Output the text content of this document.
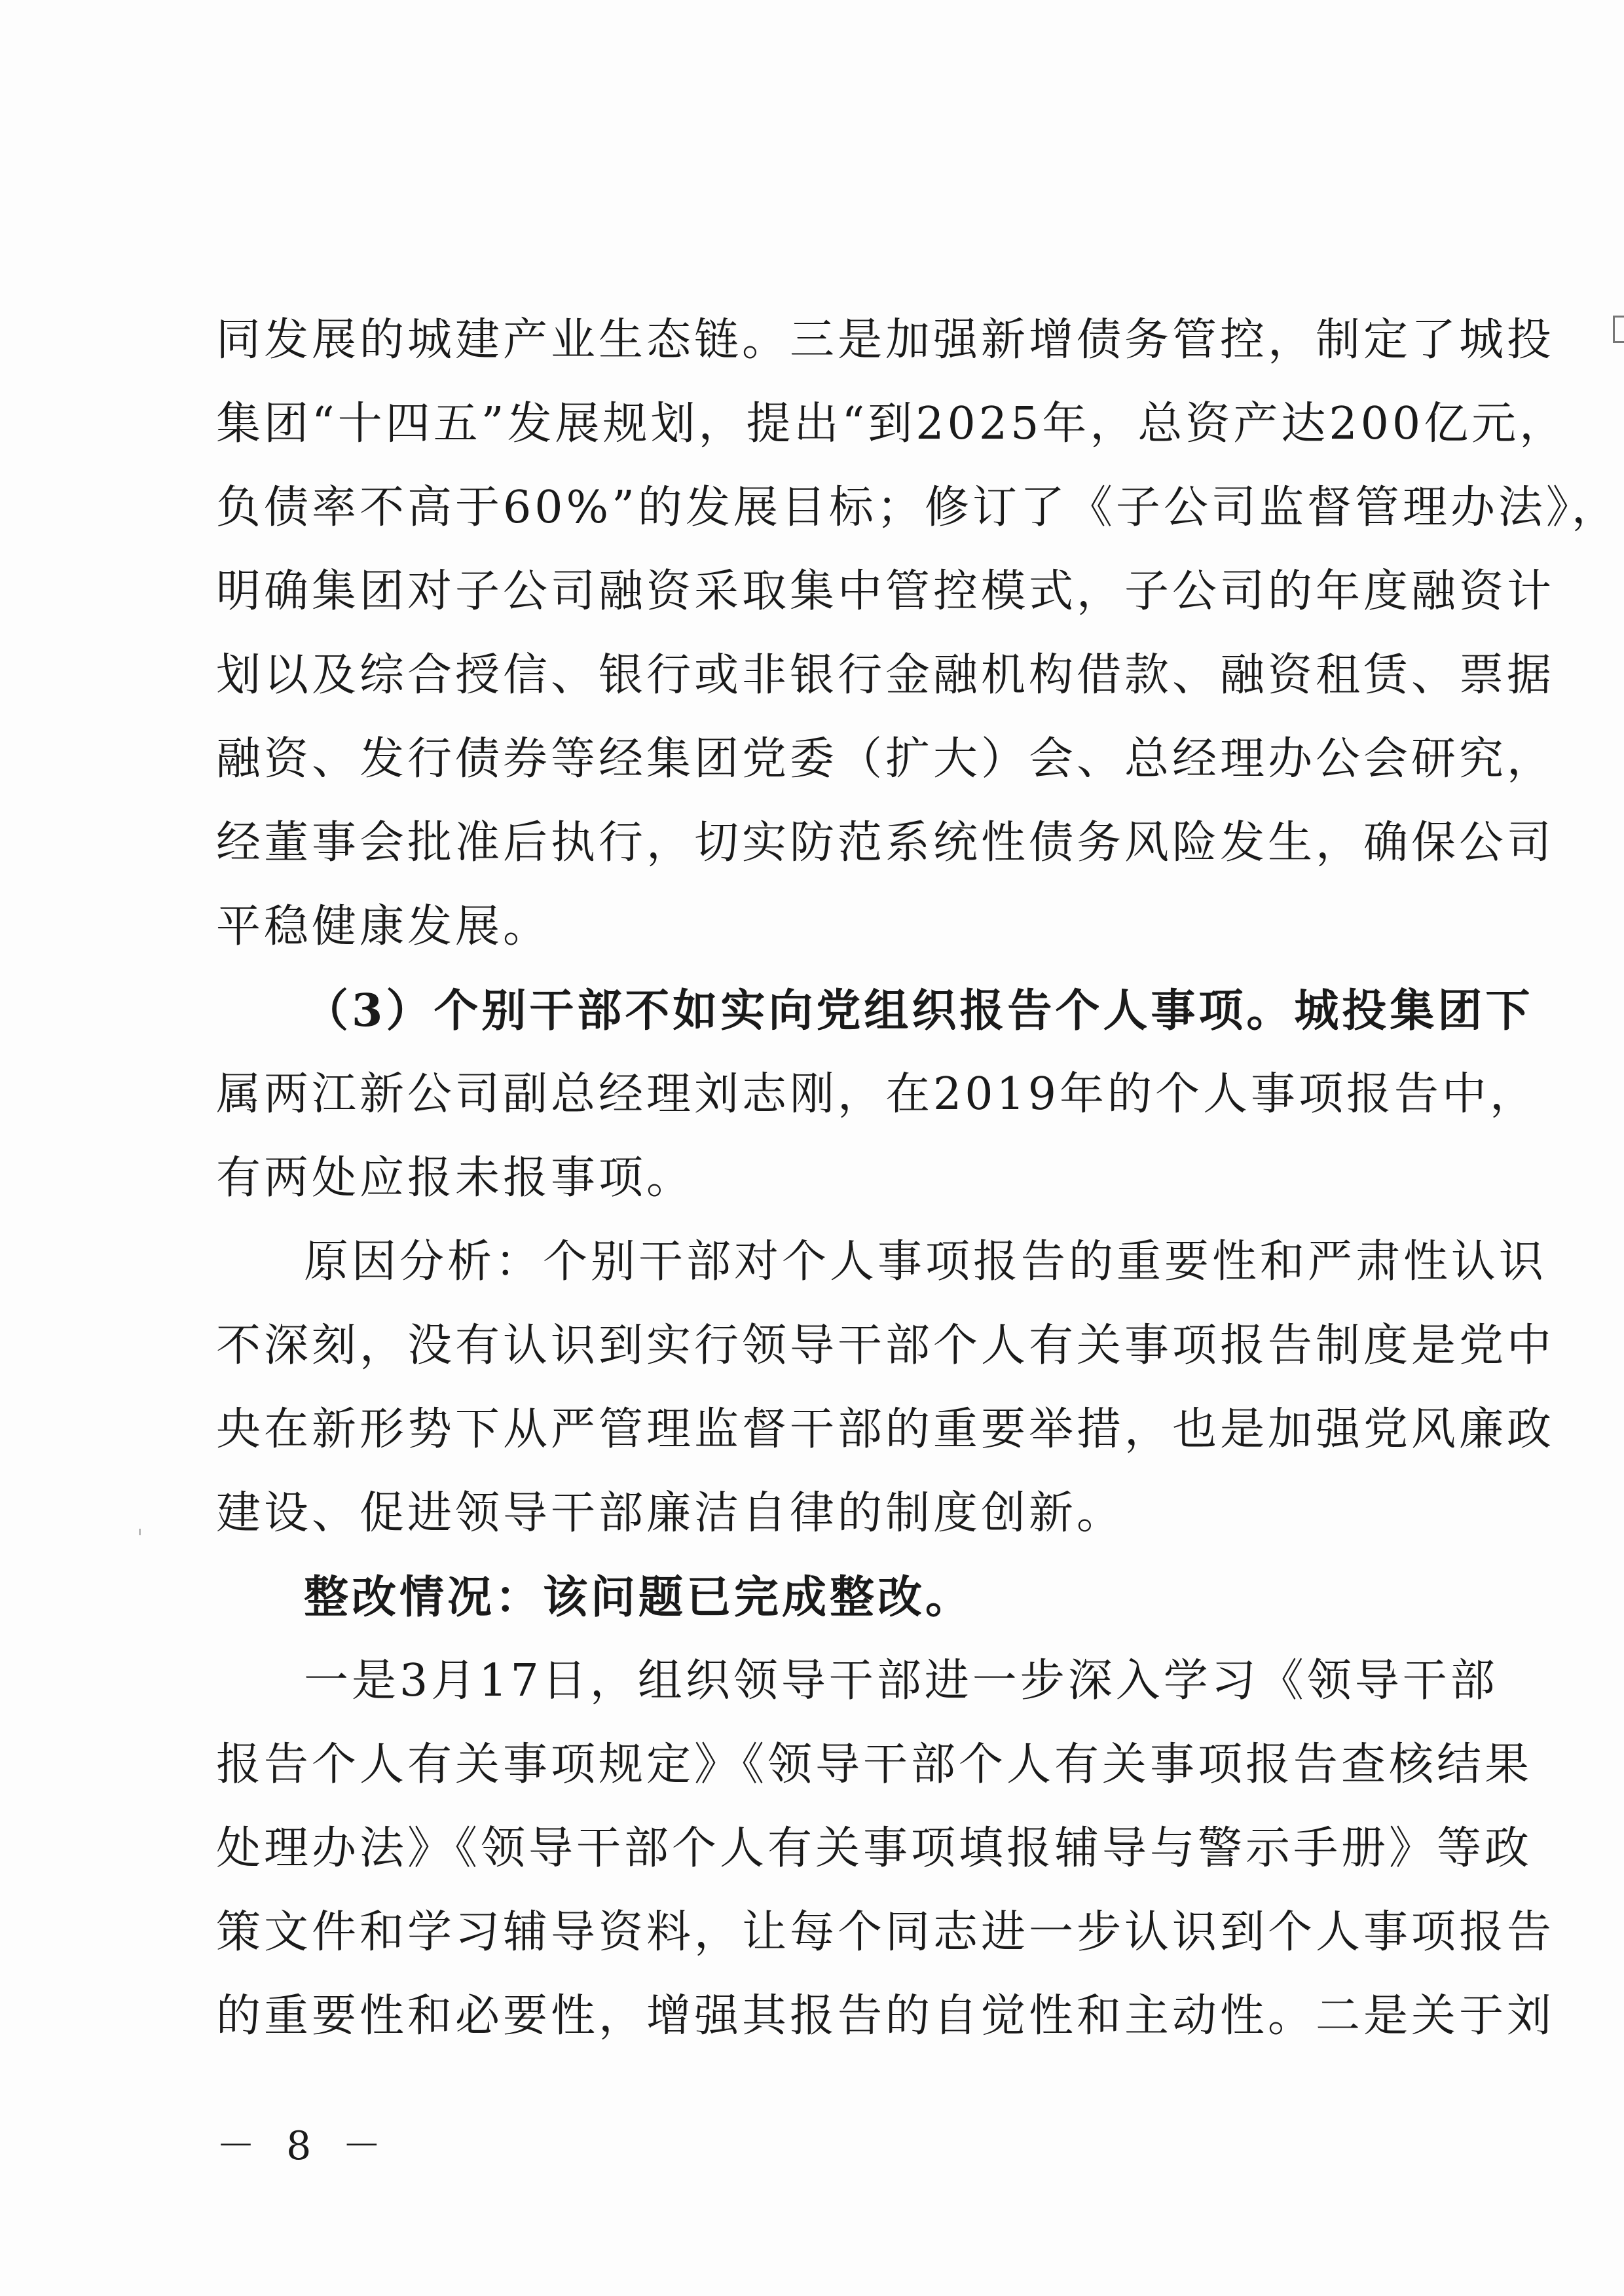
同发展的城建产业生态链。三是加强新增债务管控，制定了城投
集团“十四五”发展规划，提出“到2025年，总资产达200亿元，
负债率不高于60%”的发展目标；修订了《子公司监督管理办法》，
明确集团对子公司融资采取集中管控模式，子公司的年度融资计
划以及综合授信、银行或非银行金融机构借款、融资租赁、票据
融资、发行债券等经集团党委（扩大）会、总经理办公会研究，
经董事会批准后执行，切实防范系统性债务风险发生，确保公司
平稳健康发展。
（3）个别干部不如实向党组织报告个人事项。城投集团下
属两江新公司副总经理刘志刚，在2019年的个人事项报告中，
有两处应报未报事项。
原因分析：个别干部对个人事项报告的重要性和严肃性认识
不深刻，没有认识到实行领导干部个人有关事项报告制度是党中
央在新形势下从严管理监督干部的重要举措，也是加强党风廉政
建设、促进领导干部廉洁自律的制度创新。
整改情况：该问题已完成整改。
一是3月17日，组织领导干部进一步深入学习《领导干部
报告个人有关事项规定》《领导干部个人有关事项报告查核结果
处理办法》《领导干部个人有关事项填报辅导与警示手册》等政
策文件和学习辅导资料，让每个同志进一步认识到个人事项报告
的重要性和必要性，增强其报告的自觉性和主动性。二是关于刘
－ 8 －
